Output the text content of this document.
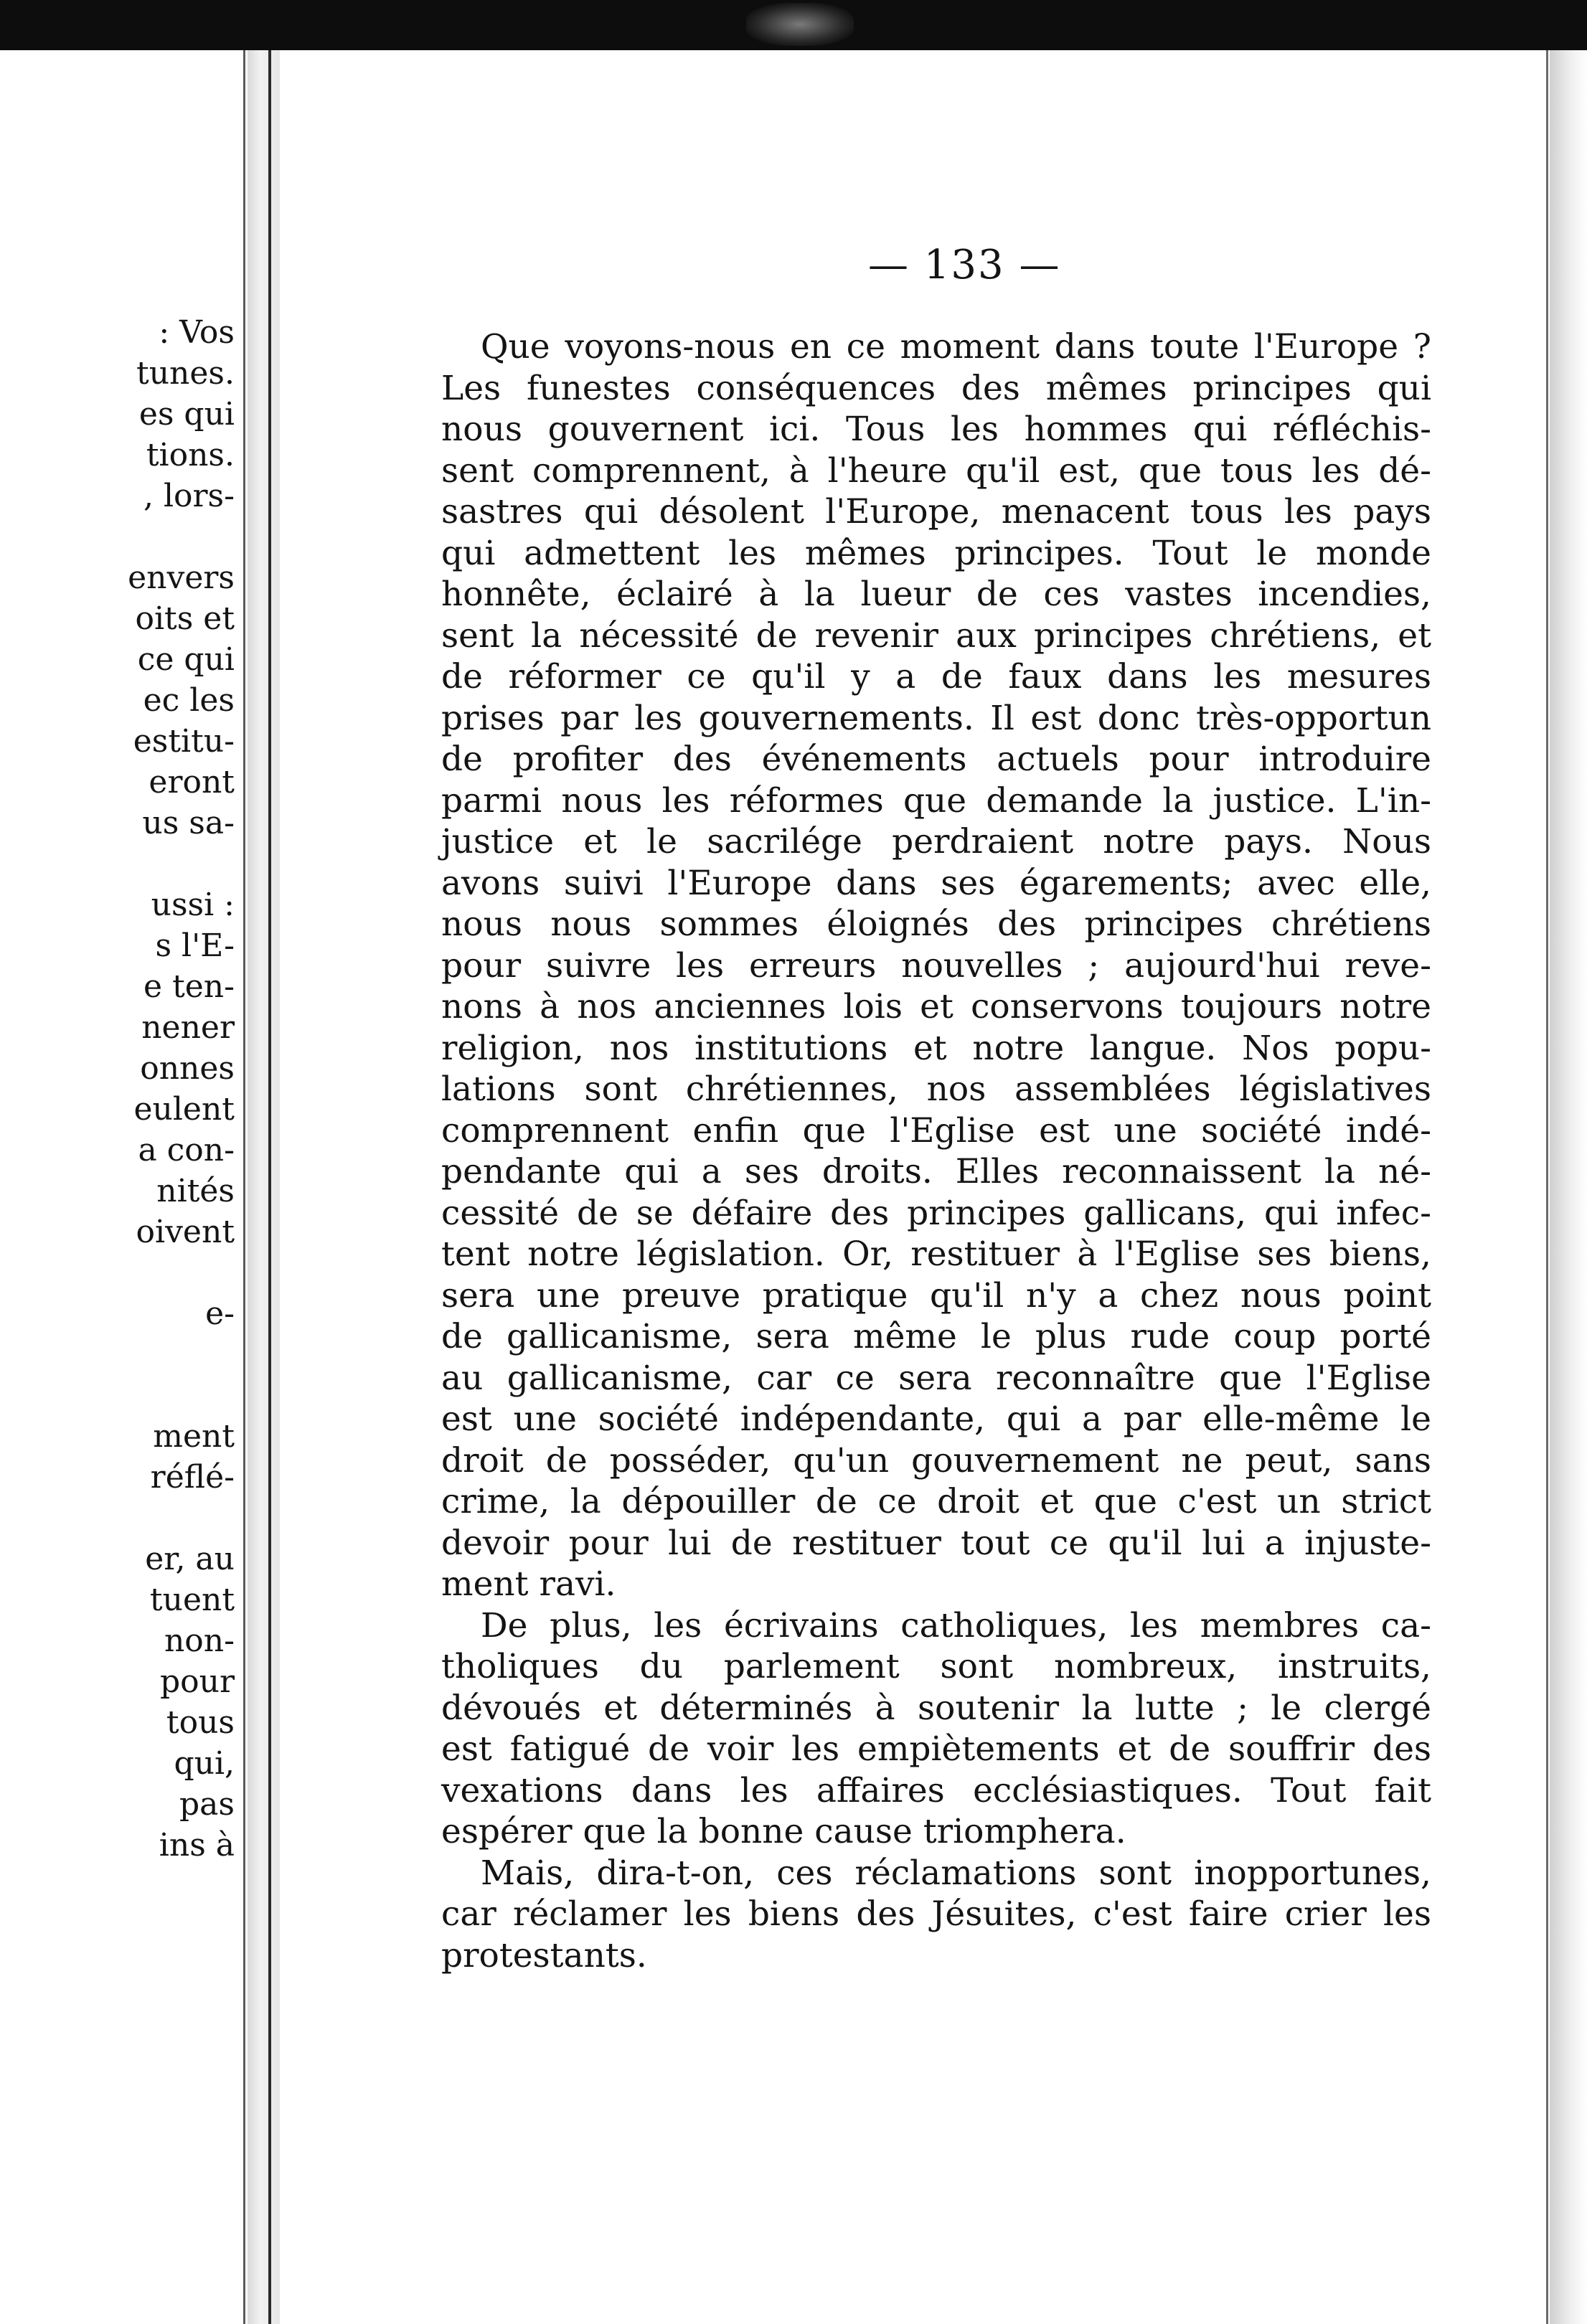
: Vos
tunes.
es qui
tions.
, lors-
envers
oits et
ce qui
ec les
estitu-
eront
us sa-
ussi :
s l'E-
e ten-
nener
onnes
eulent
a con-
nités
oivent
e-
ment
réflé-
er, au
tuent
non-
pour
tous
qui,
pas
ins à
— 133 —
Que voyons-nous en ce moment dans toute l'Europe ?
Les funestes conséquences des mêmes principes qui
nous gouvernent ici. Tous les hommes qui réfléchis-
sent comprennent, à l'heure qu'il est, que tous les dé-
sastres qui désolent l'Europe, menacent tous les pays
qui admettent les mêmes principes. Tout le monde
honnête, éclairé à la lueur de ces vastes incendies,
sent la nécessité de revenir aux principes chrétiens, et
de réformer ce qu'il y a de faux dans les mesures
prises par les gouvernements. Il est donc très-opportun
de profiter des événements actuels pour introduire
parmi nous les réformes que demande la justice. L'in-
justice et le sacrilége perdraient notre pays. Nous
avons suivi l'Europe dans ses égarements; avec elle,
nous nous sommes éloignés des principes chrétiens
pour suivre les erreurs nouvelles ; aujourd'hui reve-
nons à nos anciennes lois et conservons toujours notre
religion, nos institutions et notre langue. Nos popu-
lations sont chrétiennes, nos assemblées législatives
comprennent enfin que l'Eglise est une société indé-
pendante qui a ses droits. Elles reconnaissent la né-
cessité de se défaire des principes gallicans, qui infec-
tent notre législation. Or, restituer à l'Eglise ses biens,
sera une preuve pratique qu'il n'y a chez nous point
de gallicanisme, sera même le plus rude coup porté
au gallicanisme, car ce sera reconnaître que l'Eglise
est une société indépendante, qui a par elle-même le
droit de posséder, qu'un gouvernement ne peut, sans
crime, la dépouiller de ce droit et que c'est un strict
devoir pour lui de restituer tout ce qu'il lui a injuste-
ment ravi.
De plus, les écrivains catholiques, les membres ca-
tholiques du parlement sont nombreux, instruits,
dévoués et déterminés à soutenir la lutte ; le clergé
est fatigué de voir les empiètements et de souffrir des
vexations dans les affaires ecclésiastiques. Tout fait
espérer que la bonne cause triomphera.
Mais, dira-t-on, ces réclamations sont inopportunes,
car réclamer les biens des Jésuites, c'est faire crier les
protestants.
